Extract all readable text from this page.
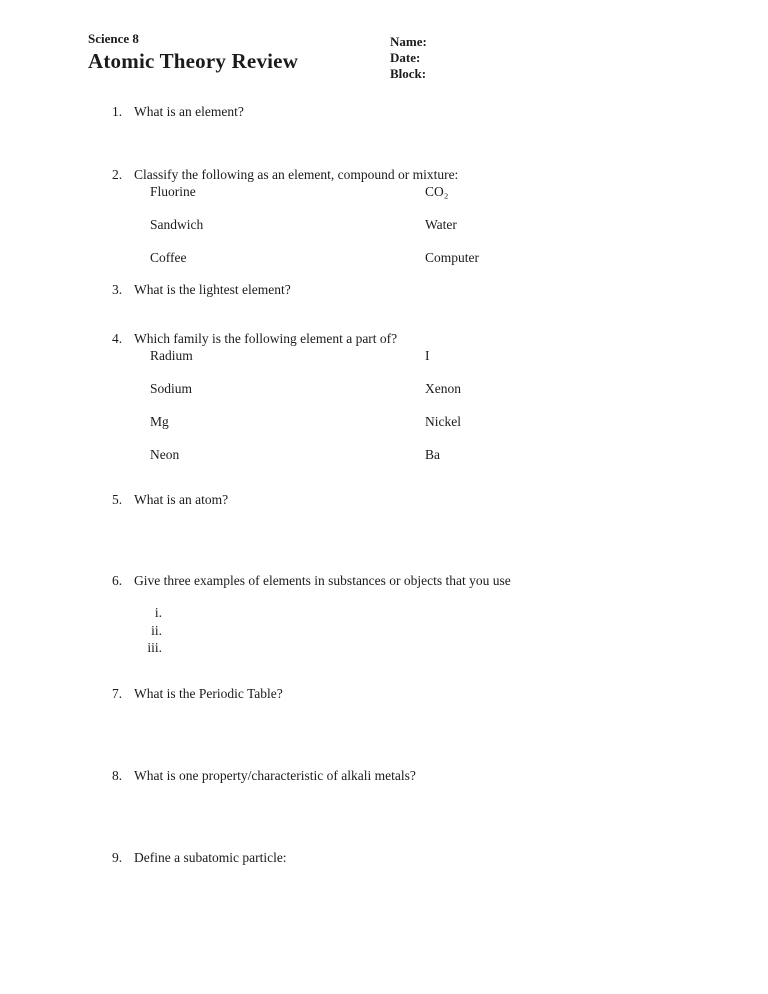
Science 8
Atomic Theory Review
Name:
Date:
Block:
1. What is an element?
2. Classify the following as an element, compound or mixture:
Fluorine	CO₂
Sandwich	Water
Coffee	Computer
3. What is the lightest element?
4. Which family is the following element a part of?
Radium	I
Sodium	Xenon
Mg	Nickel
Neon	Ba
5. What is an atom?
6. Give three examples of elements in substances or objects that you use
i.
ii.
iii.
7. What is the Periodic Table?
8. What is one property/characteristic of alkali metals?
9. Define a subatomic particle:
